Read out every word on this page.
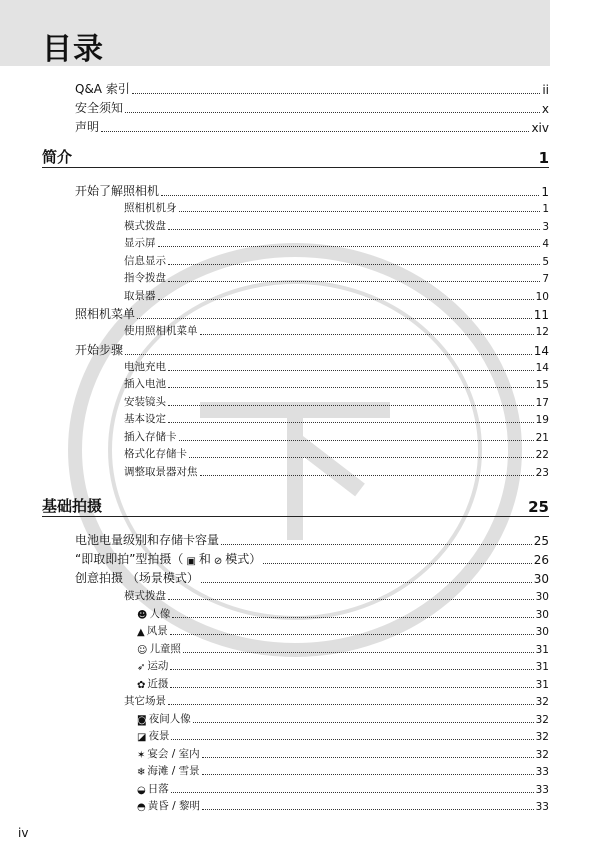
目录
Q&A 索引	ii
安全须知	x
声明	xiv
简介	1
开始了解照相机	1
照相机机身	1
模式拨盘	3
显示屏	4
信息显示	5
指令拨盘	7
取景器	10
照相机菜单	11
使用照相机菜单	12
开始步骤	14
电池充电	14
插入电池	15
安装镜头	17
基本设定	19
插入存储卡	21
格式化存储卡	22
调整取景器对焦	23
基础拍摄	25
电池电量级别和存储卡容量	25
“即取即拍”型拍摄（ ▣ 和 ⊘ 模式）	26
创意拍摄 （场景模式）	30
模式拨盘	30
☻ 人像	30
▲ 风景	30
☺ 儿童照	31
➶ 运动	31
✿ 近摄	31
其它场景	32
◙ 夜间人像	32
◪ 夜景	32
✶ 宴会 / 室内	32
❄ 海滩 / 雪景	33
◒ 日落	33
◓ 黄昏 / 黎明	33
iv
